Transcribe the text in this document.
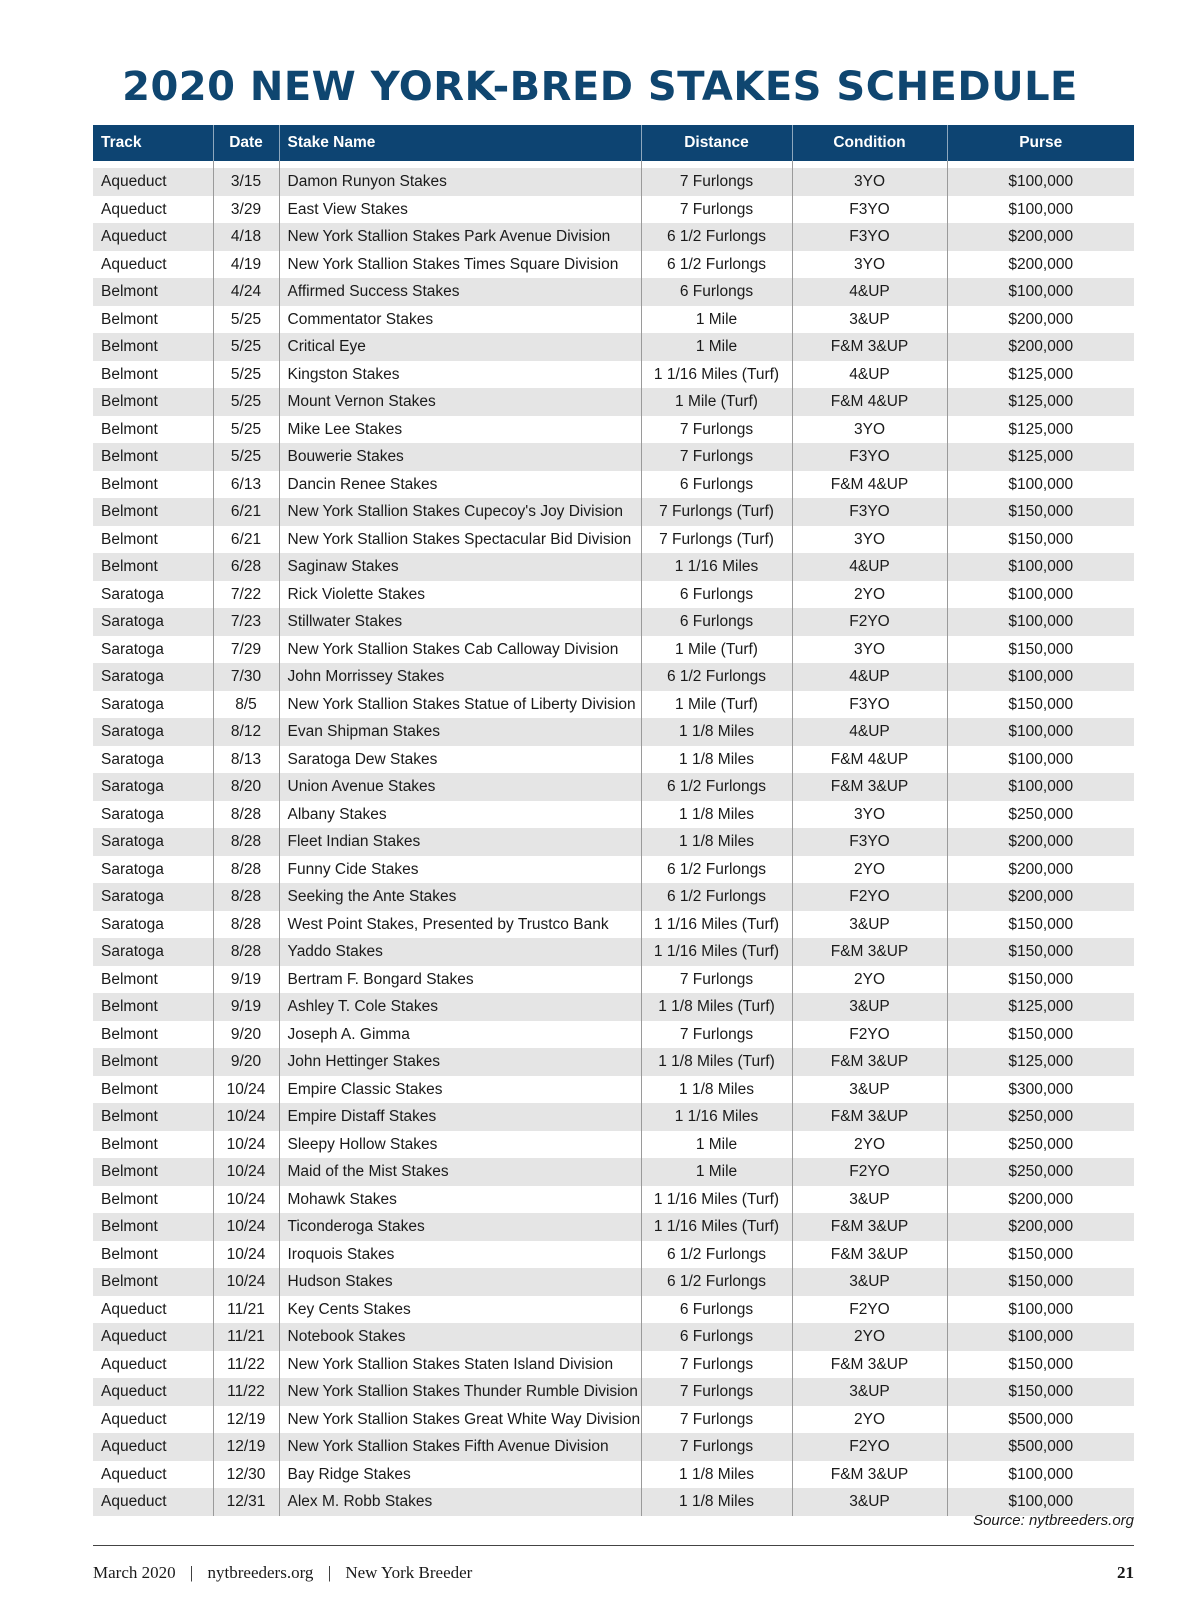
2020 NEW YORK-BRED STAKES SCHEDULE
Track	Date	Stake Name	Distance	Condition	Purse

Aqueduct	3/15	Damon Runyon Stakes	7 Furlongs	3YO	$100,000
Aqueduct	3/29	East View Stakes	7 Furlongs	F3YO	$100,000
Aqueduct	4/18	New York Stallion Stakes Park Avenue Division	6 1/2 Furlongs	F3YO	$200,000
Aqueduct	4/19	New York Stallion Stakes Times Square Division	6 1/2 Furlongs	3YO	$200,000
Belmont	4/24	Affirmed Success Stakes	6 Furlongs	4&UP	$100,000
Belmont	5/25	Commentator Stakes	1 Mile	3&UP	$200,000
Belmont	5/25	Critical Eye	1 Mile	F&M 3&UP	$200,000
Belmont	5/25	Kingston Stakes	1 1/16 Miles (Turf)	4&UP	$125,000
Belmont	5/25	Mount Vernon Stakes	1 Mile (Turf)	F&M 4&UP	$125,000
Belmont	5/25	Mike Lee Stakes	7 Furlongs	3YO	$125,000
Belmont	5/25	Bouwerie Stakes	7 Furlongs	F3YO	$125,000
Belmont	6/13	Dancin Renee Stakes	6 Furlongs	F&M 4&UP	$100,000
Belmont	6/21	New York Stallion Stakes Cupecoy's Joy Division	7 Furlongs (Turf)	F3YO	$150,000
Belmont	6/21	New York Stallion Stakes Spectacular Bid Division	7 Furlongs (Turf)	3YO	$150,000
Belmont	6/28	Saginaw Stakes	1 1/16 Miles	4&UP	$100,000
Saratoga	7/22	Rick Violette Stakes	6 Furlongs	2YO	$100,000
Saratoga	7/23	Stillwater Stakes	6 Furlongs	F2YO	$100,000
Saratoga	7/29	New York Stallion Stakes Cab Calloway Division	1 Mile (Turf)	3YO	$150,000
Saratoga	7/30	John Morrissey Stakes	6 1/2 Furlongs	4&UP	$100,000
Saratoga	8/5	New York Stallion Stakes Statue of Liberty Division	1 Mile (Turf)	F3YO	$150,000
Saratoga	8/12	Evan Shipman Stakes	1 1/8 Miles	4&UP	$100,000
Saratoga	8/13	Saratoga Dew Stakes	1 1/8 Miles	F&M 4&UP	$100,000
Saratoga	8/20	Union Avenue Stakes	6 1/2 Furlongs	F&M 3&UP	$100,000
Saratoga	8/28	Albany Stakes	1 1/8 Miles	3YO	$250,000
Saratoga	8/28	Fleet Indian Stakes	1 1/8 Miles	F3YO	$200,000
Saratoga	8/28	Funny Cide Stakes	6 1/2 Furlongs	2YO	$200,000
Saratoga	8/28	Seeking the Ante Stakes	6 1/2 Furlongs	F2YO	$200,000
Saratoga	8/28	West Point Stakes, Presented by Trustco Bank	1 1/16 Miles (Turf)	3&UP	$150,000
Saratoga	8/28	Yaddo Stakes	1 1/16 Miles (Turf)	F&M 3&UP	$150,000
Belmont	9/19	Bertram F. Bongard Stakes	7 Furlongs	2YO	$150,000
Belmont	9/19	Ashley T. Cole Stakes	1 1/8 Miles (Turf)	3&UP	$125,000
Belmont	9/20	Joseph A. Gimma	7 Furlongs	F2YO	$150,000
Belmont	9/20	John Hettinger Stakes	1 1/8 Miles (Turf)	F&M 3&UP	$125,000
Belmont	10/24	Empire Classic Stakes	1 1/8 Miles	3&UP	$300,000
Belmont	10/24	Empire Distaff Stakes	1 1/16 Miles	F&M 3&UP	$250,000
Belmont	10/24	Sleepy Hollow Stakes	1 Mile	2YO	$250,000
Belmont	10/24	Maid of the Mist Stakes	1 Mile	F2YO	$250,000
Belmont	10/24	Mohawk Stakes	1 1/16 Miles (Turf)	3&UP	$200,000
Belmont	10/24	Ticonderoga Stakes	1 1/16 Miles (Turf)	F&M 3&UP	$200,000
Belmont	10/24	Iroquois Stakes	6 1/2 Furlongs	F&M 3&UP	$150,000
Belmont	10/24	Hudson Stakes	6 1/2 Furlongs	3&UP	$150,000
Aqueduct	11/21	Key Cents Stakes	6 Furlongs	F2YO	$100,000
Aqueduct	11/21	Notebook Stakes	6 Furlongs	2YO	$100,000
Aqueduct	11/22	New York Stallion Stakes Staten Island Division	7 Furlongs	F&M 3&UP	$150,000
Aqueduct	11/22	New York Stallion Stakes Thunder Rumble Division	7 Furlongs	3&UP	$150,000
Aqueduct	12/19	New York Stallion Stakes Great White Way Division	7 Furlongs	2YO	$500,000
Aqueduct	12/19	New York Stallion Stakes Fifth Avenue Division	7 Furlongs	F2YO	$500,000
Aqueduct	12/30	Bay Ridge Stakes	1 1/8 Miles	F&M 3&UP	$100,000
Aqueduct	12/31	Alex M. Robb Stakes	1 1/8 Miles	3&UP	$100,000
Source: nytbreeders.org
March 2020 | nytbreeders.org | New York Breeder	21
